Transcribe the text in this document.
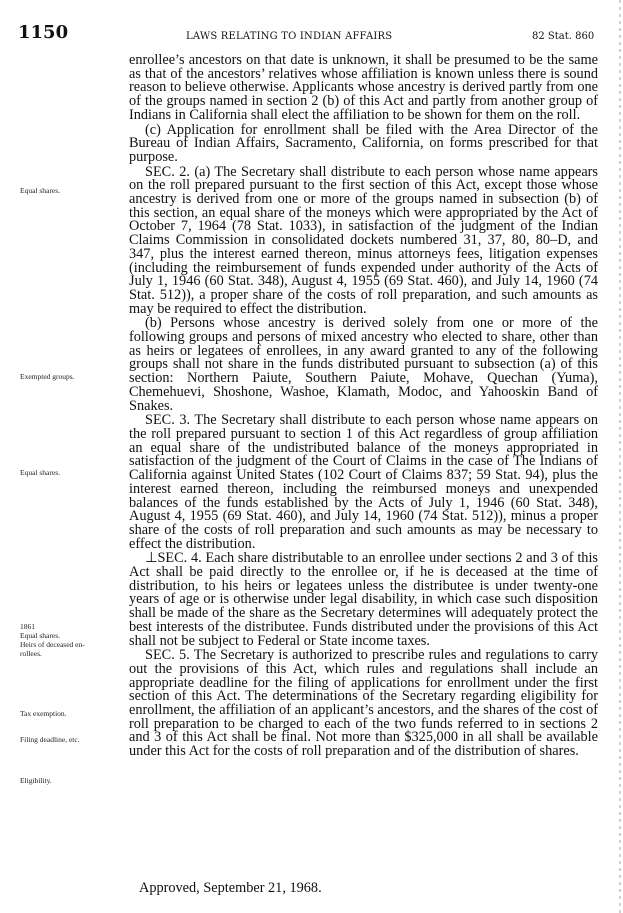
1150	LAWS RELATING TO INDIAN AFFAIRS	82 Stat. 860
Equal shares.
Exempted groups.
Equal shares.
1861
Equal shares.
Heirs of deceased en-
rollees.
Tax exemption.
Filing deadline, etc.
Eligibility.

enrollee’s ancestors on that date is unknown, it shall be presumed to be the same as that of the ancestors’ relatives whose affiliation is known unless there is sound reason to believe otherwise. Applicants whose ancestry is derived partly from one of the groups named in section 2 (b) of this Act and partly from another group of Indians in California shall elect the affiliation to be shown for them on the roll.

(c) Application for enrollment shall be filed with the Area Director of the Bureau of Indian Affairs, Sacramento, California, on forms prescribed for that purpose.

SEC. 2. (a) The Secretary shall distribute to each person whose name appears on the roll prepared pursuant to the first section of this Act, except those whose ancestry is derived from one or more of the groups named in subsection (b) of this section, an equal share of the moneys which were appropriated by the Act of October 7, 1964 (78 Stat. 1033), in satisfaction of the judgment of the Indian Claims Commission in consolidated dockets numbered 31, 37, 80, 80–D, and 347, plus the interest earned thereon, minus attorneys fees, litigation expenses (including the reimbursement of funds expended under authority of the Acts of July 1, 1946 (60 Stat. 348), August 4, 1955 (69 Stat. 460), and July 14, 1960 (74 Stat. 512)), a proper share of the costs of roll preparation, and such amounts as may be required to effect the distribution.

(b) Persons whose ancestry is derived solely from one or more of the following groups and persons of mixed ancestry who elected to share, other than as heirs or legatees of enrollees, in any award granted to any of the following groups shall not share in the funds distributed pursuant to subsection (a) of this section: Northern Paiute, Southern Paiute, Mohave, Quechan (Yuma), Chemehuevi, Shoshone, Washoe, Klamath, Modoc, and Yahooskin Band of Snakes.

SEC. 3. The Secretary shall distribute to each person whose name appears on the roll prepared pursuant to section 1 of this Act regardless of group affiliation an equal share of the undistributed balance of the moneys appropriated in satisfaction of the judgment of the Court of Claims in the case of The Indians of California against United States (102 Court of Claims 837; 59 Stat. 94), plus the interest earned thereon, including the reimbursed moneys and unexpended balances of the funds established by the Acts of July 1, 1946 (60 Stat. 348), August 4, 1955 (69 Stat. 460), and July 14, 1960 (74 Stat. 512)), minus a proper share of the costs of roll preparation and such amounts as may be necessary to effect the distribution.

⊥SEC. 4. Each share distributable to an enrollee under sections 2 and 3 of this Act shall be paid directly to the enrollee or, if he is deceased at the time of distribution, to his heirs or legatees unless the distributee is under twenty-one years of age or is otherwise under legal disability, in which case such disposition shall be made of the share as the Secretary determines will adequately protect the best interests of the distributee. Funds distributed under the provisions of this Act shall not be subject to Federal or State income taxes.

SEC. 5. The Secretary is authorized to prescribe rules and regulations to carry out the provisions of this Act, which rules and regulations shall include an appropriate deadline for the filing of applications for enrollment under the first section of this Act. The determinations of the Secretary regarding eligibility for enrollment, the affiliation of an applicant’s ancestors, and the shares of the cost of roll preparation to be charged to each of the two funds referred to in sections 2 and 3 of this Act shall be final. Not more than $325,000 in all shall be available under this Act for the costs of roll preparation and of the distribution of shares.

Approved, September 21, 1968.
